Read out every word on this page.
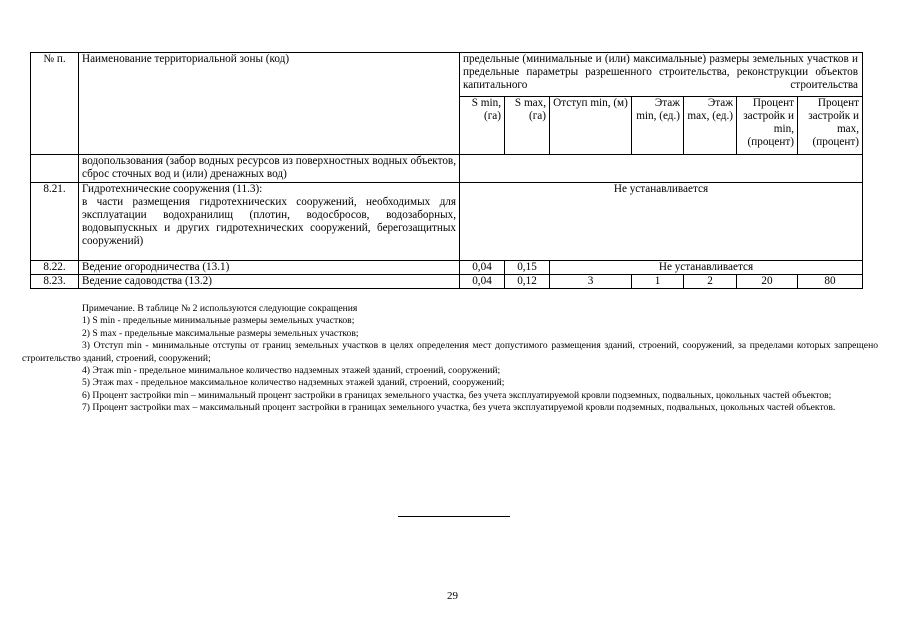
№ п.	Наименование территориальной зоны (код)	предельные (минимальные и (или) максимальные) размеры земельных участков и предельные параметры разрешенного строительства, реконструкции объектов капитального строительства						
		S min, (га)	S max, (га)	Отступ min, (м)	Этаж min, (ед.)	Этаж max, (ед.)	Процент застройк и min, (процент)	Процент застройк и max, (процент)
	водопользования (забор водных ресурсов из поверхностных водных объектов, сброс сточных вод и (или) дренажных вод)							
8.21.	Гидротехнические сооружения (11.3):
в части размещения гидротехнических сооружений, необходимых для эксплуатации водохранилищ (плотин, водосбросов, водозаборных, водовыпускных и других гидротехнических сооружений, берегозащитных сооружений)	Не устанавливается						
8.22.	Ведение огородничества (13.1)	0,04	0,15	Не устанавливается				
8.23.	Ведение садоводства (13.2)	0,04	0,12	3	1	2	20	80

Примечание. В таблице № 2 используются следующие сокращения

1) S min - предельные минимальные размеры земельных участков;

2) S max - предельные максимальные размеры земельных участков;

3) Отступ min - минимальные отступы от границ земельных участков в целях определения мест допустимого размещения зданий, строений, сооружений, за пределами которых запрещено строительство зданий, строений, сооружений;

4) Этаж min - предельное минимальное количество надземных этажей зданий, строений, сооружений;

5) Этаж max - предельное максимальное количество надземных этажей зданий, строений, сооружений;

6) Процент застройки min – минимальный процент застройки в границах земельного участка, без учета эксплуатируемой кровли подземных, подвальных, цокольных частей объектов;

7) Процент застройки max – максимальный процент застройки в границах земельного участка, без учета эксплуатируемой кровли подземных, подвальных, цокольных частей объектов.

29
